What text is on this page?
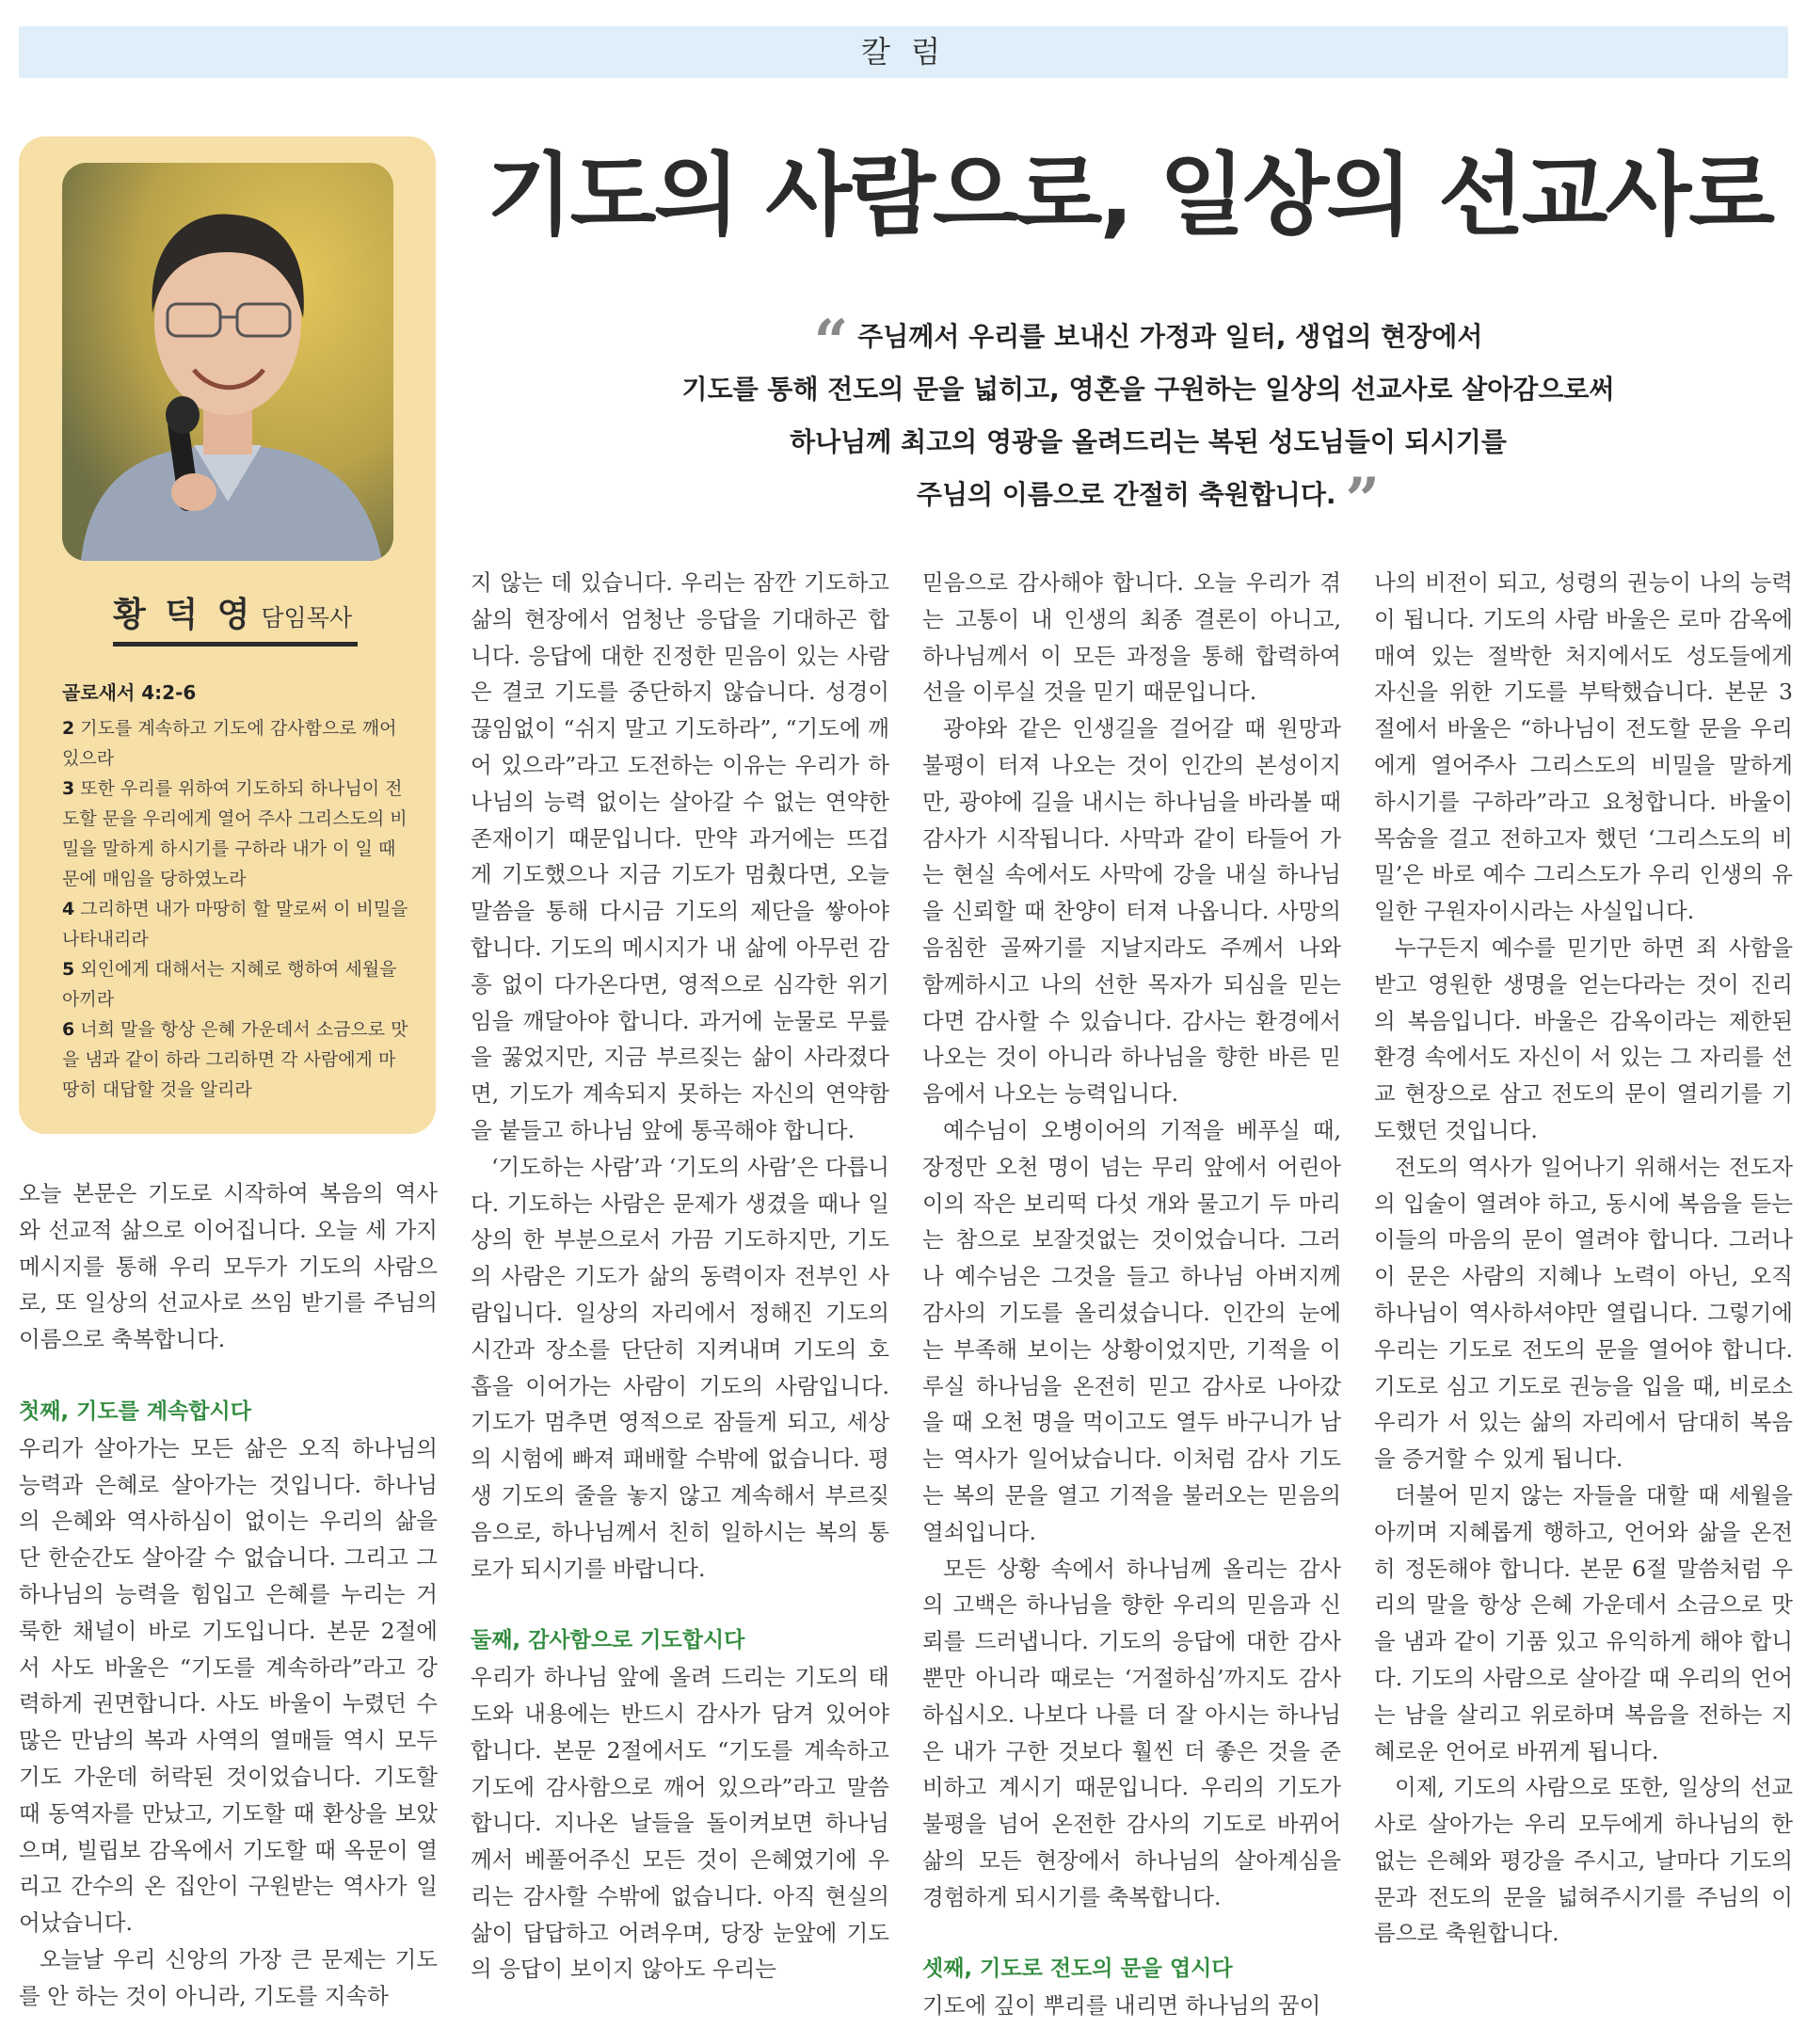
칼 럼
기도의 사람으로, 일상의 선교사로
“ 주님께서 우리를 보내신 가정과 일터, 생업의 현장에서
기도를 통해 전도의 문을 넓히고, 영혼을 구원하는 일상의 선교사로 살아감으로써
하나님께 최고의 영광을 올려드리는 복된 성도님들이 되시기를
주님의 이름으로 간절히 축원합니다. ”
황 덕 영 담임목사
골로새서 4:2-6
2 기도를 계속하고 기도에 감사함으로 깨어 있으라
3 또한 우리를 위하여 기도하되 하나님이 전도할 문을 우리에게 열어 주사 그리스도의 비밀을 말하게 하시기를 구하라 내가 이 일 때문에 매임을 당하였노라
4 그리하면 내가 마땅히 할 말로써 이 비밀을 나타내리라
5 외인에게 대해서는 지혜로 행하여 세월을 아끼라
6 너희 말을 항상 은혜 가운데서 소금으로 맛을 냄과 같이 하라 그리하면 각 사람에게 마땅히 대답할 것을 알리라

오늘 본문은 기도로 시작하여 복음의 역사와 선교적 삶으로 이어집니다. 오늘 세 가지 메시지를 통해 우리 모두가 기도의 사람으로, 또 일상의 선교사로 쓰임 받기를 주님의 이름으로 축복합니다.

첫째, 기도를 계속합시다

우리가 살아가는 모든 삶은 오직 하나님의 능력과 은혜로 살아가는 것입니다. 하나님의 은혜와 역사하심이 없이는 우리의 삶을 단 한순간도 살아갈 수 없습니다. 그리고 그 하나님의 능력을 힘입고 은혜를 누리는 거룩한 채널이 바로 기도입니다. 본문 2절에서 사도 바울은 “기도를 계속하라”라고 강력하게 권면합니다. 사도 바울이 누렸던 수많은 만남의 복과 사역의 열매들 역시 모두 기도 가운데 허락된 것이었습니다. 기도할 때 동역자를 만났고, 기도할 때 환상을 보았으며, 빌립보 감옥에서 기도할 때 옥문이 열리고 간수의 온 집안이 구원받는 역사가 일어났습니다.

오늘날 우리 신앙의 가장 큰 문제는 기도를 안 하는 것이 아니라, 기도를 지속하

지 않는 데 있습니다. 우리는 잠깐 기도하고 삶의 현장에서 엄청난 응답을 기대하곤 합니다. 응답에 대한 진정한 믿음이 있는 사람은 결코 기도를 중단하지 않습니다. 성경이 끊임없이 “쉬지 말고 기도하라”, “기도에 깨어 있으라”라고 도전하는 이유는 우리가 하나님의 능력 없이는 살아갈 수 없는 연약한 존재이기 때문입니다. 만약 과거에는 뜨겁게 기도했으나 지금 기도가 멈췄다면, 오늘 말씀을 통해 다시금 기도의 제단을 쌓아야 합니다. 기도의 메시지가 내 삶에 아무런 감흥 없이 다가온다면, 영적으로 심각한 위기임을 깨달아야 합니다. 과거에 눈물로 무릎을 꿇었지만, 지금 부르짖는 삶이 사라졌다면, 기도가 계속되지 못하는 자신의 연약함을 붙들고 하나님 앞에 통곡해야 합니다.

‘기도하는 사람’과 ‘기도의 사람’은 다릅니다. 기도하는 사람은 문제가 생겼을 때나 일상의 한 부분으로서 가끔 기도하지만, 기도의 사람은 기도가 삶의 동력이자 전부인 사람입니다. 일상의 자리에서 정해진 기도의 시간과 장소를 단단히 지켜내며 기도의 호흡을 이어가는 사람이 기도의 사람입니다. 기도가 멈추면 영적으로 잠들게 되고, 세상의 시험에 빠져 패배할 수밖에 없습니다. 평생 기도의 줄을 놓지 않고 계속해서 부르짖음으로, 하나님께서 친히 일하시는 복의 통로가 되시기를 바랍니다.

둘째, 감사함으로 기도합시다

우리가 하나님 앞에 올려 드리는 기도의 태도와 내용에는 반드시 감사가 담겨 있어야 합니다. 본문 2절에서도 “기도를 계속하고 기도에 감사함으로 깨어 있으라”라고 말씀합니다. 지나온 날들을 돌이켜보면 하나님께서 베풀어주신 모든 것이 은혜였기에 우리는 감사할 수밖에 없습니다. 아직 현실의 삶이 답답하고 어려우며, 당장 눈앞에 기도의 응답이 보이지 않아도 우리는

믿음으로 감사해야 합니다. 오늘 우리가 겪는 고통이 내 인생의 최종 결론이 아니고, 하나님께서 이 모든 과정을 통해 합력하여 선을 이루실 것을 믿기 때문입니다.

광야와 같은 인생길을 걸어갈 때 원망과 불평이 터져 나오는 것이 인간의 본성이지만, 광야에 길을 내시는 하나님을 바라볼 때 감사가 시작됩니다. 사막과 같이 타들어 가는 현실 속에서도 사막에 강을 내실 하나님을 신뢰할 때 찬양이 터져 나옵니다. 사망의 음침한 골짜기를 지날지라도 주께서 나와 함께하시고 나의 선한 목자가 되심을 믿는다면 감사할 수 있습니다. 감사는 환경에서 나오는 것이 아니라 하나님을 향한 바른 믿음에서 나오는 능력입니다.

예수님이 오병이어의 기적을 베푸실 때, 장정만 오천 명이 넘는 무리 앞에서 어린아이의 작은 보리떡 다섯 개와 물고기 두 마리는 참으로 보잘것없는 것이었습니다. 그러나 예수님은 그것을 들고 하나님 아버지께 감사의 기도를 올리셨습니다. 인간의 눈에는 부족해 보이는 상황이었지만, 기적을 이루실 하나님을 온전히 믿고 감사로 나아갔을 때 오천 명을 먹이고도 열두 바구니가 남는 역사가 일어났습니다. 이처럼 감사 기도는 복의 문을 열고 기적을 불러오는 믿음의 열쇠입니다.

모든 상황 속에서 하나님께 올리는 감사의 고백은 하나님을 향한 우리의 믿음과 신뢰를 드러냅니다. 기도의 응답에 대한 감사뿐만 아니라 때로는 ‘거절하심’까지도 감사하십시오. 나보다 나를 더 잘 아시는 하나님은 내가 구한 것보다 훨씬 더 좋은 것을 준비하고 계시기 때문입니다. 우리의 기도가 불평을 넘어 온전한 감사의 기도로 바뀌어 삶의 모든 현장에서 하나님의 살아계심을 경험하게 되시기를 축복합니다.

셋째, 기도로 전도의 문을 엽시다

기도에 깊이 뿌리를 내리면 하나님의 꿈이

나의 비전이 되고, 성령의 권능이 나의 능력이 됩니다. 기도의 사람 바울은 로마 감옥에 매여 있는 절박한 처지에서도 성도들에게 자신을 위한 기도를 부탁했습니다. 본문 3절에서 바울은 “하나님이 전도할 문을 우리에게 열어주사 그리스도의 비밀을 말하게 하시기를 구하라”라고 요청합니다. 바울이 목숨을 걸고 전하고자 했던 ‘그리스도의 비밀’은 바로 예수 그리스도가 우리 인생의 유일한 구원자이시라는 사실입니다.

누구든지 예수를 믿기만 하면 죄 사함을 받고 영원한 생명을 얻는다라는 것이 진리의 복음입니다. 바울은 감옥이라는 제한된 환경 속에서도 자신이 서 있는 그 자리를 선교 현장으로 삼고 전도의 문이 열리기를 기도했던 것입니다.

전도의 역사가 일어나기 위해서는 전도자의 입술이 열려야 하고, 동시에 복음을 듣는 이들의 마음의 문이 열려야 합니다. 그러나 이 문은 사람의 지혜나 노력이 아닌, 오직 하나님이 역사하셔야만 열립니다. 그렇기에 우리는 기도로 전도의 문을 열어야 합니다. 기도로 심고 기도로 권능을 입을 때, 비로소 우리가 서 있는 삶의 자리에서 담대히 복음을 증거할 수 있게 됩니다.

더불어 믿지 않는 자들을 대할 때 세월을 아끼며 지혜롭게 행하고, 언어와 삶을 온전히 정돈해야 합니다. 본문 6절 말씀처럼 우리의 말을 항상 은혜 가운데서 소금으로 맛을 냄과 같이 기품 있고 유익하게 해야 합니다. 기도의 사람으로 살아갈 때 우리의 언어는 남을 살리고 위로하며 복음을 전하는 지혜로운 언어로 바뀌게 됩니다.

이제, 기도의 사람으로 또한, 일상의 선교사로 살아가는 우리 모두에게 하나님의 한없는 은혜와 평강을 주시고, 날마다 기도의 문과 전도의 문을 넓혀주시기를 주님의 이름으로 축원합니다.
